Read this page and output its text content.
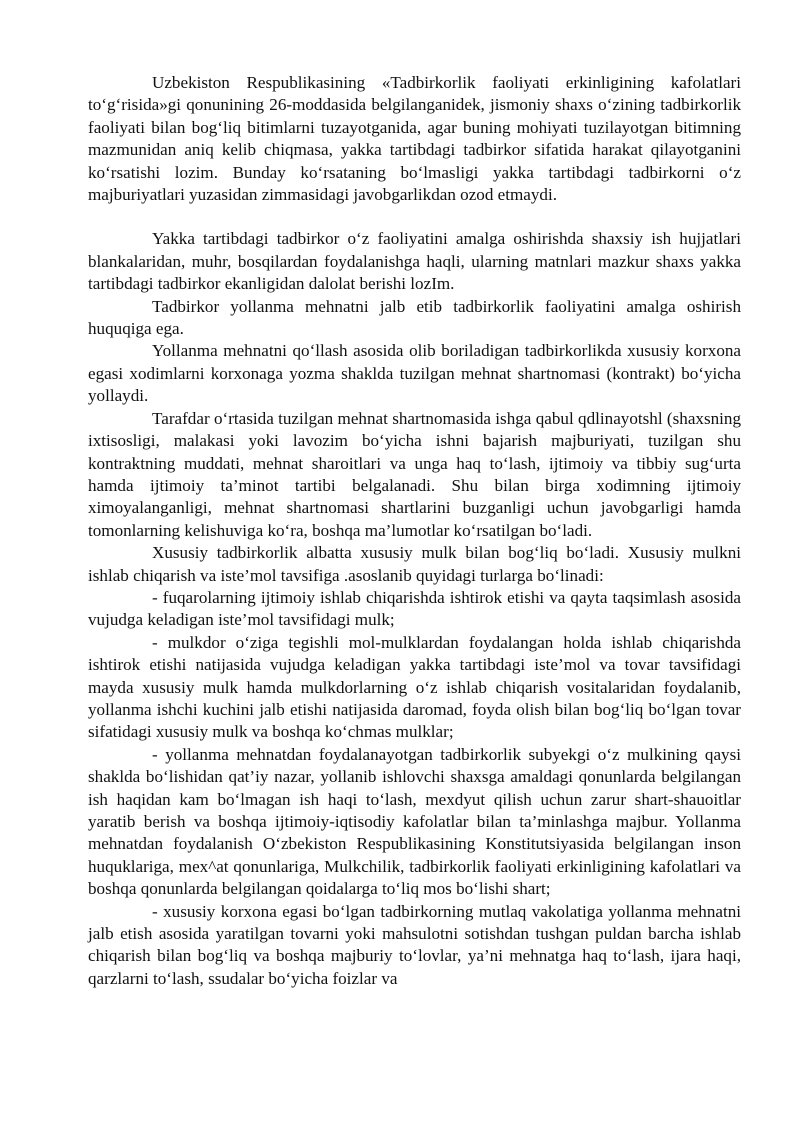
Uzbekiston Respublikasining «Tadbirkorlik faoliyati erkinligining kafolatlari to‘g‘risida»gi qonunining 26-moddasida belgilanganidek, jismoniy shaxs o‘zining tadbirkorlik faoliyati bilan bog‘liq bitimlarni tuzayotganida, agar buning mohiyati tuzilayotgan bitimning mazmunidan aniq kelib chiqmasa, yakka tartibdagi tadbirkor sifatida harakat qilayotganini ko‘rsatishi lozim. Bunday ko‘rsataning bo‘lmasligi yakka tartibdagi tadbirkorni o‘z majburiyatlari yuzasidan zimmasidagi javobgarlikdan ozod etmaydi.

Yakka tartibdagi tadbirkor o‘z faoliyatini amalga oshirishda shaxsiy ish hujjatlari blankalaridan, muhr, bosqilardan foydalanishga haqli, ularning matnlari mazkur shaxs yakka tartibdagi tadbirkor ekanligidan dalolat berishi lozIm.

Tadbirkor yollanma mehnatni jalb etib tadbirkorlik faoliyatini amalga oshirish huquqiga ega.

Yollanma mehnatni qo‘llash asosida olib boriladigan tadbirkorlikda xususiy korxona egasi xodimlarni korxonaga yozma shaklda tuzilgan mehnat shartnomasi (kontrakt) bo‘yicha yollaydi.

Tarafdar o‘rtasida tuzilgan mehnat shartnomasida ishga qabul qdlinayotshl (shaxsning ixtisosligi, malakasi yoki lavozim bo‘yicha ishni bajarish majburiyati, tuzilgan shu kontraktning muddati, mehnat sharoitlari va unga haq to‘lash, ijtimoiy va tibbiy sug‘urta hamda ijtimoiy ta’minot tartibi belgalanadi. Shu bilan birga xodimning ijtimoiy ximoyalanganligi, mehnat shartnomasi shartlarini buzganligi uchun javobgarligi hamda tomonlarning kelishuviga ko‘ra, boshqa ma’lumotlar ko‘rsatilgan bo‘ladi.

Xususiy tadbirkorlik albatta xususiy mulk bilan bog‘liq bo‘ladi. Xususiy mulkni ishlab chiqarish va iste’mol tavsifiga .asoslanib quyidagi turlarga bo‘linadi:

- fuqarolarning ijtimoiy ishlab chiqarishda ishtirok etishi va qayta taqsimlash asosida vujudga keladigan iste’mol tavsifidagi mulk;

- mulkdor o‘ziga tegishli mol-mulklardan foydalangan holda ishlab chiqarishda ishtirok etishi natijasida vujudga keladigan yakka tartibdagi iste’mol va tovar tavsifidagi mayda xususiy mulk hamda mulkdorlarning o‘z ishlab chiqarish vositalaridan foydalanib, yollanma ishchi kuchini jalb etishi natijasida daromad, foyda olish bilan bog‘liq bo‘lgan tovar sifatidagi xususiy mulk va boshqa ko‘chmas mulklar;

- yollanma mehnatdan foydalanayotgan tadbirkorlik subyekgi o‘z mulkining qaysi shaklda bo‘lishidan qat’iy nazar, yollanib ishlovchi shaxsga amaldagi qonunlarda belgilangan ish haqidan kam bo‘lmagan ish haqi to‘lash, mexdyut qilish uchun zarur shart-shauoitlar yaratib berish va boshqa ijtimoiy-iqtisodiy kafolatlar bilan ta’minlashga majbur. Yollanma mehnatdan foydalanish O‘zbekiston Respublikasining Konstitutsiyasida belgilangan inson huquklariga, mex^at qonunlariga, Mulkchilik, tadbirkorlik faoliyati erkinligining kafolatlari va boshqa qonunlarda belgilangan qoidalarga to‘liq mos bo‘lishi shart;

- xususiy korxona egasi bo‘lgan tadbirkorning mutlaq vakolatiga yollanma mehnatni jalb etish asosida yaratilgan tovarni yoki mahsulotni sotishdan tushgan puldan barcha ishlab chiqarish bilan bog‘liq va boshqa majburiy to‘lovlar, ya’ni mehnatga haq to‘lash, ijara haqi, qarzlarni to‘lash, ssudalar bo‘yicha foizlar va
